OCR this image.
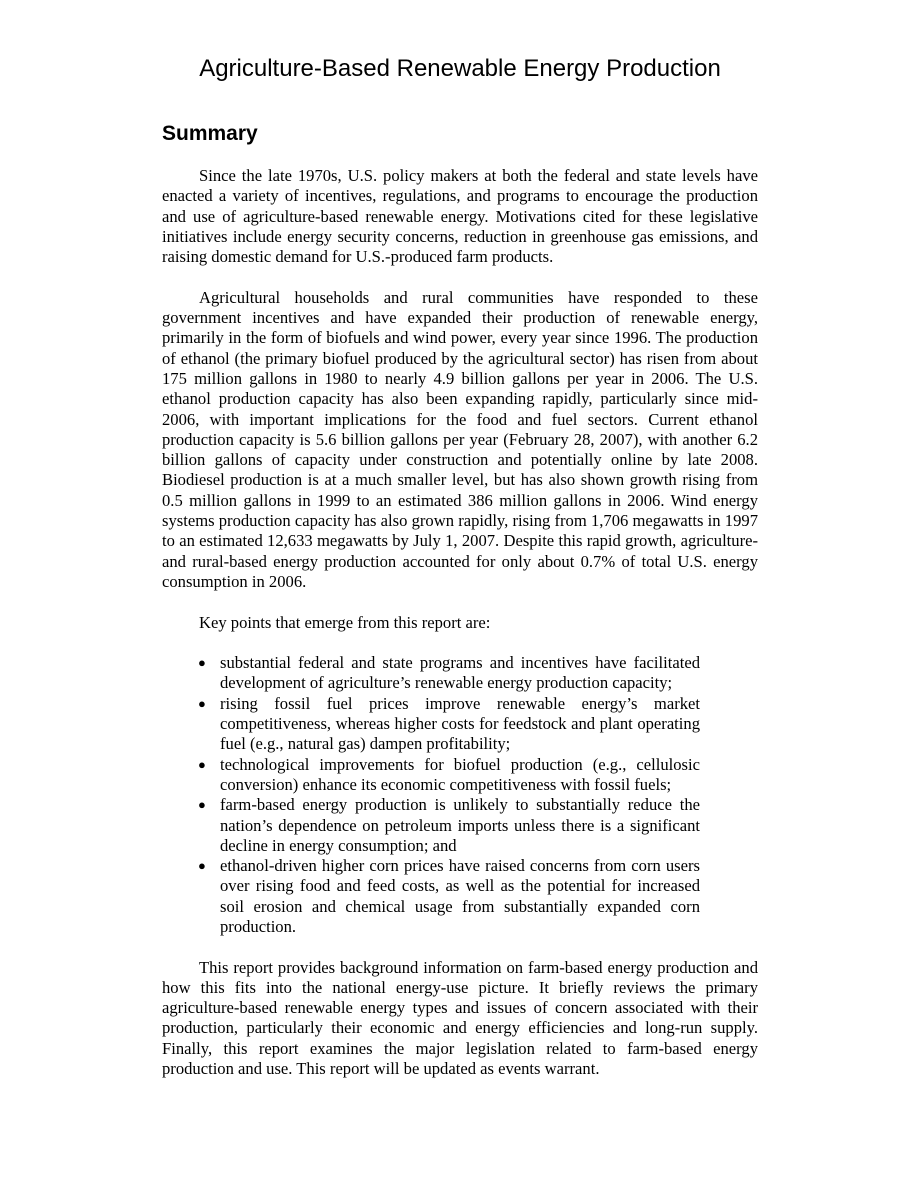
Agriculture-Based Renewable Energy Production
Summary

Since the late 1970s, U.S. policy makers at both the federal and state levels have enacted a variety of incentives, regulations, and programs to encourage the production and use of agriculture-based renewable energy. Motivations cited for these legislative initiatives include energy security concerns, reduction in greenhouse gas emissions, and raising domestic demand for U.S.-produced farm products.

Agricultural households and rural communities have responded to these government incentives and have expanded their production of renewable energy, primarily in the form of biofuels and wind power, every year since 1996. The production of ethanol (the primary biofuel produced by the agricultural sector) has risen from about 175 million gallons in 1980 to nearly 4.9 billion gallons per year in 2006. The U.S. ethanol production capacity has also been expanding rapidly, particularly since mid-2006, with important implications for the food and fuel sectors. Current ethanol production capacity is 5.6 billion gallons per year (February 28, 2007), with another 6.2 billion gallons of capacity under construction and potentially online by late 2008. Biodiesel production is at a much smaller level, but has also shown growth rising from 0.5 million gallons in 1999 to an estimated 386 million gallons in 2006. Wind energy systems production capacity has also grown rapidly, rising from 1,706 megawatts in 1997 to an estimated 12,633 megawatts by July 1, 2007. Despite this rapid growth, agriculture- and rural-based energy production accounted for only about 0.7% of total U.S. energy consumption in 2006.

Key points that emerge from this report are:

● substantial federal and state programs and incentives have facilitated development of agriculture’s renewable energy production capacity;
● rising fossil fuel prices improve renewable energy’s market competitiveness, whereas higher costs for feedstock and plant operating fuel (e.g., natural gas) dampen profitability;
● technological improvements for biofuel production (e.g., cellulosic conversion) enhance its economic competitiveness with fossil fuels;
● farm-based energy production is unlikely to substantially reduce the nation’s dependence on petroleum imports unless there is a significant decline in energy consumption; and
● ethanol-driven higher corn prices have raised concerns from corn users over rising food and feed costs, as well as the potential for increased soil erosion and chemical usage from substantially expanded corn production.

This report provides background information on farm-based energy production and how this fits into the national energy-use picture. It briefly reviews the primary agriculture-based renewable energy types and issues of concern associated with their production, particularly their economic and energy efficiencies and long-run supply. Finally, this report examines the major legislation related to farm-based energy production and use. This report will be updated as events warrant.
